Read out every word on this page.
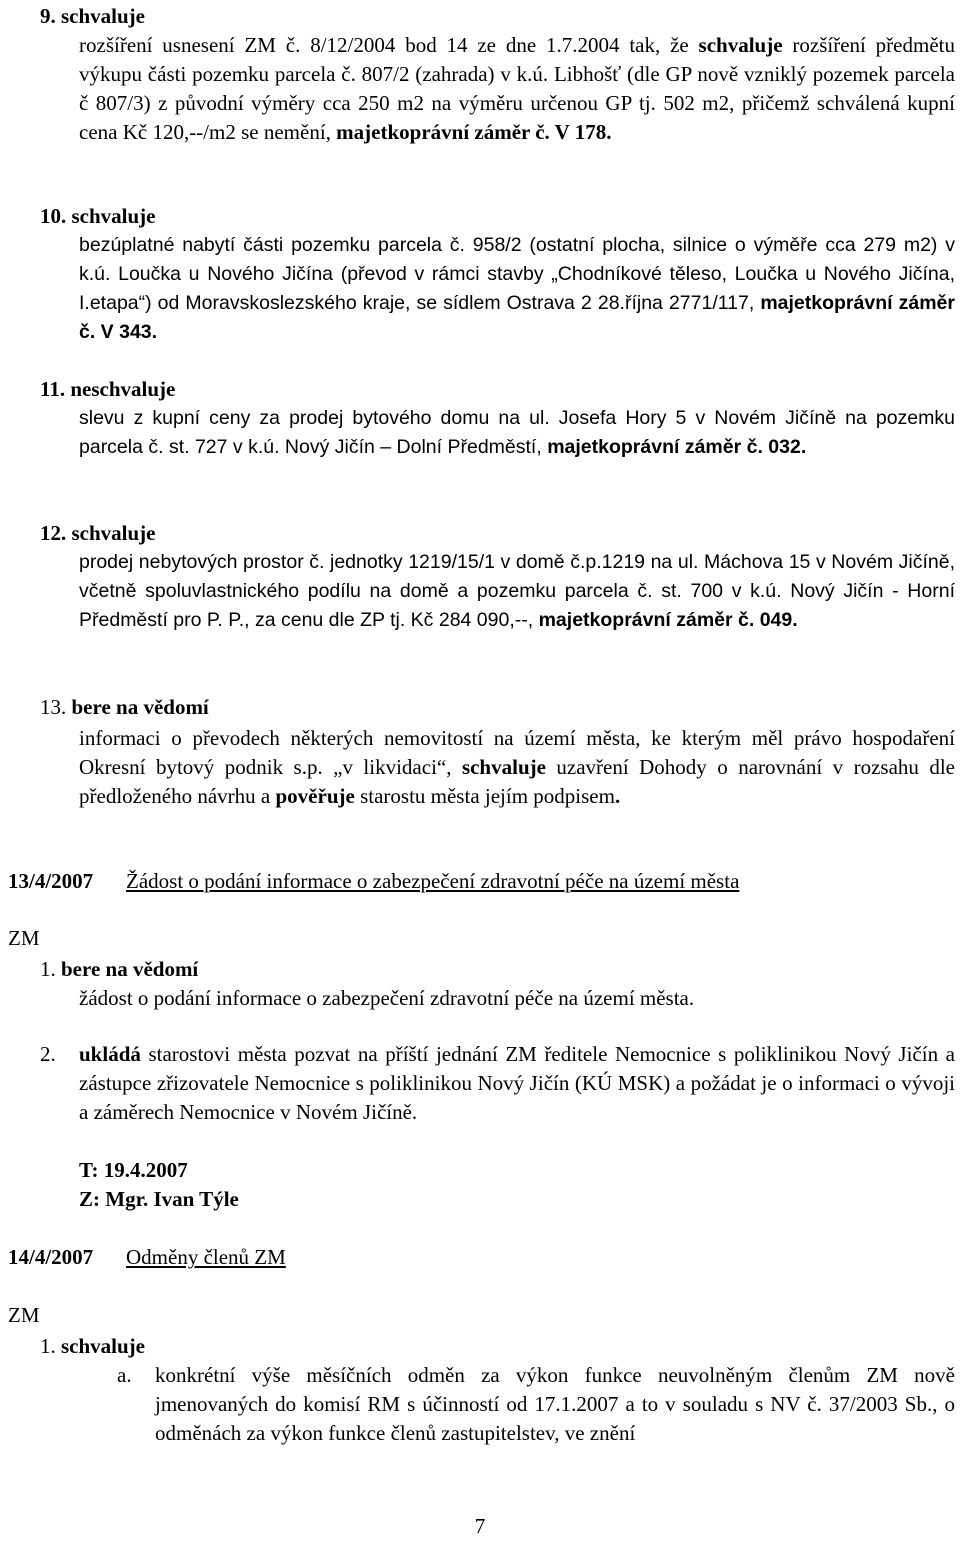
9. schvaluje
rozšíření usnesení ZM č. 8/12/2004 bod 14 ze dne 1.7.2004 tak, že schvaluje rozšíření předmětu výkupu části pozemku parcela č. 807/2 (zahrada) v k.ú. Libhošť (dle GP nově vzniklý pozemek parcela č 807/3) z původní výměry cca 250 m2 na výměru určenou GP tj. 502 m2, přičemž schválená kupní cena Kč 120,--/m2 se nemění, majetkoprávní záměr č. V 178.
10. schvaluje
bezúplatné nabytí části pozemku parcela č. 958/2 (ostatní plocha, silnice o výměře cca 279 m2) v k.ú. Loučka u Nového Jičína (převod v rámci stavby „Chodníkové těleso, Loučka u Nového Jičína, I.etapa“) od Moravskoslezského kraje, se sídlem Ostrava 2 28.října 2771/117, majetkoprávní záměr č. V 343.
11. neschvaluje
slevu z kupní ceny za prodej bytového domu na ul. Josefa Hory 5 v Novém Jičíně na pozemku parcela č. st. 727 v k.ú. Nový Jičín – Dolní Předměstí, majetkoprávní záměr č. 032.
12. schvaluje
prodej nebytových prostor č. jednotky 1219/15/1 v domě č.p.1219 na ul. Máchova 15 v Novém Jičíně, včetně spoluvlastnického podílu na domě a pozemku parcela č. st. 700 v k.ú. Nový Jičín - Horní Předměstí pro P. P., za cenu dle ZP tj. Kč 284 090,--, majetkoprávní záměr č. 049.
13. bere na vědomí
informaci o převodech některých nemovitostí na území města, ke kterým měl právo hospodaření Okresní bytový podnik s.p. „v likvidaci“, schvaluje uzavření Dohody o narovnání v rozsahu dle předloženého návrhu a pověřuje starostu města jejím podpisem.
13/4/2007 Žádost o podání informace o zabezpečení zdravotní péče na území města
ZM
1. bere na vědomí
žádost o podání informace o zabezpečení zdravotní péče na území města.
2. ukládá starostovi města pozvat na příští jednání ZM ředitele Nemocnice s poliklinikou Nový Jičín a zástupce zřizovatele Nemocnice s poliklinikou Nový Jičín (KÚ MSK) a požádat je o informaci o vývoji a záměrech Nemocnice v Novém Jičíně.
T: 19.4.2007
Z: Mgr. Ivan Týle
14/4/2007 Odměny členů ZM
ZM
1. schvaluje
a. konkrétní výše měsíčních odměn za výkon funkce neuvolněným členům ZM nově jmenovaných do komisí RM s účinností od 17.1.2007 a to v souladu s NV č. 37/2003 Sb., o odměnách za výkon funkce členů zastupitelstev, ve znění
7
